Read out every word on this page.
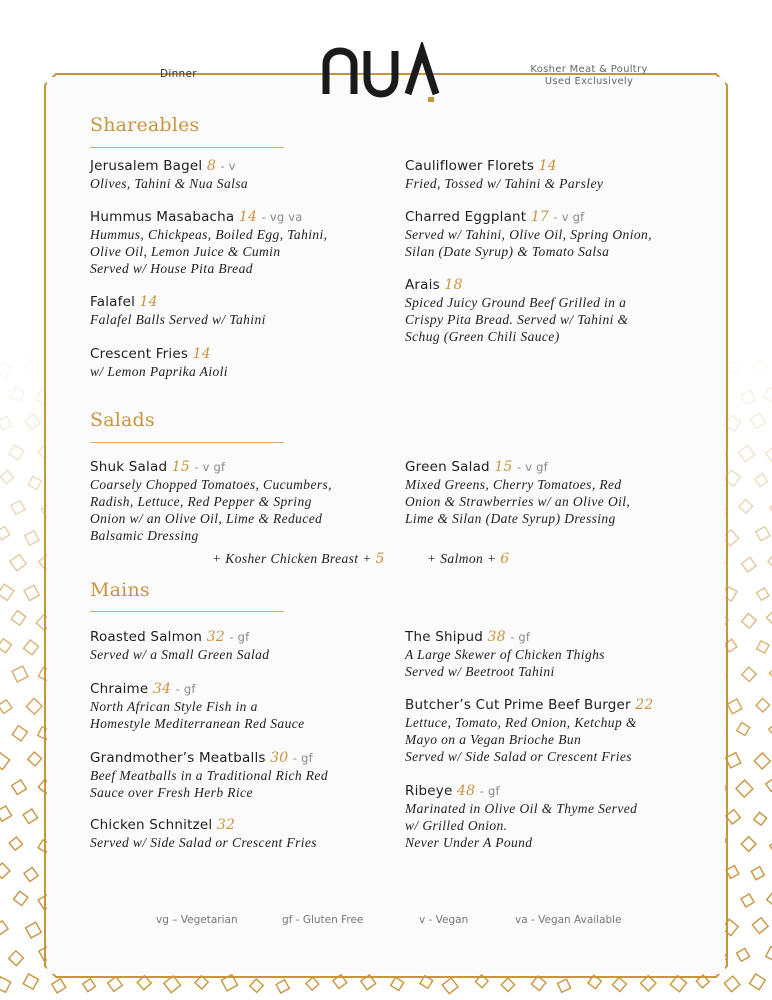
Dinner	Kosher Meat & Poultry
Used Exclusively
Shareables
Jerusalem Bagel 8 - v
Olives, Tahini & Nua Salsa
Hummus Masabacha 14 - vg va
Hummus, Chickpeas, Boiled Egg, Tahini,
Olive Oil, Lemon Juice & Cumin
Served w/ House Pita Bread
Falafel 14
Falafel Balls Served w/ Tahini
Crescent Fries 14
w/ Lemon Paprika Aioli
Cauliflower Florets 14
Fried, Tossed w/ Tahini & Parsley
Charred Eggplant 17 - v gf
Served w/ Tahini, Olive Oil, Spring Onion,
Silan (Date Syrup) & Tomato Salsa
Arais 18
Spiced Juicy Ground Beef Grilled in a
Crispy Pita Bread. Served w/ Tahini &
Schug (Green Chili Sauce)
Salads
Shuk Salad 15 - v gf
Coarsely Chopped Tomatoes, Cucumbers,
Radish, Lettuce, Red Pepper & Spring
Onion w/ an Olive Oil, Lime & Reduced
Balsamic Dressing
Green Salad 15 - v gf
Mixed Greens, Cherry Tomatoes, Red
Onion & Strawberries w/ an Olive Oil,
Lime & Silan (Date Syrup) Dressing
+ Kosher Chicken Breast + 5	+ Salmon + 6
Mains
Roasted Salmon 32 - gf
Served w/ a Small Green Salad
Chraime 34 - gf
North African Style Fish in a
Homestyle Mediterranean Red Sauce
Grandmother’s Meatballs 30 - gf
Beef Meatballs in a Traditional Rich Red
Sauce over Fresh Herb Rice
Chicken Schnitzel 32
Served w/ Side Salad or Crescent Fries
The Shipud 38 - gf
A Large Skewer of Chicken Thighs
Served w/ Beetroot Tahini
Butcher’s Cut Prime Beef Burger 22
Lettuce, Tomato, Red Onion, Ketchup &
Mayo on a Vegan Brioche Bun
Served w/ Side Salad or Crescent Fries
Ribeye 48 - gf
Marinated in Olive Oil & Thyme Served
w/ Grilled Onion.
Never Under A Pound
vg – Vegetarian	gf - Gluten Free	v - Vegan	va - Vegan Available
